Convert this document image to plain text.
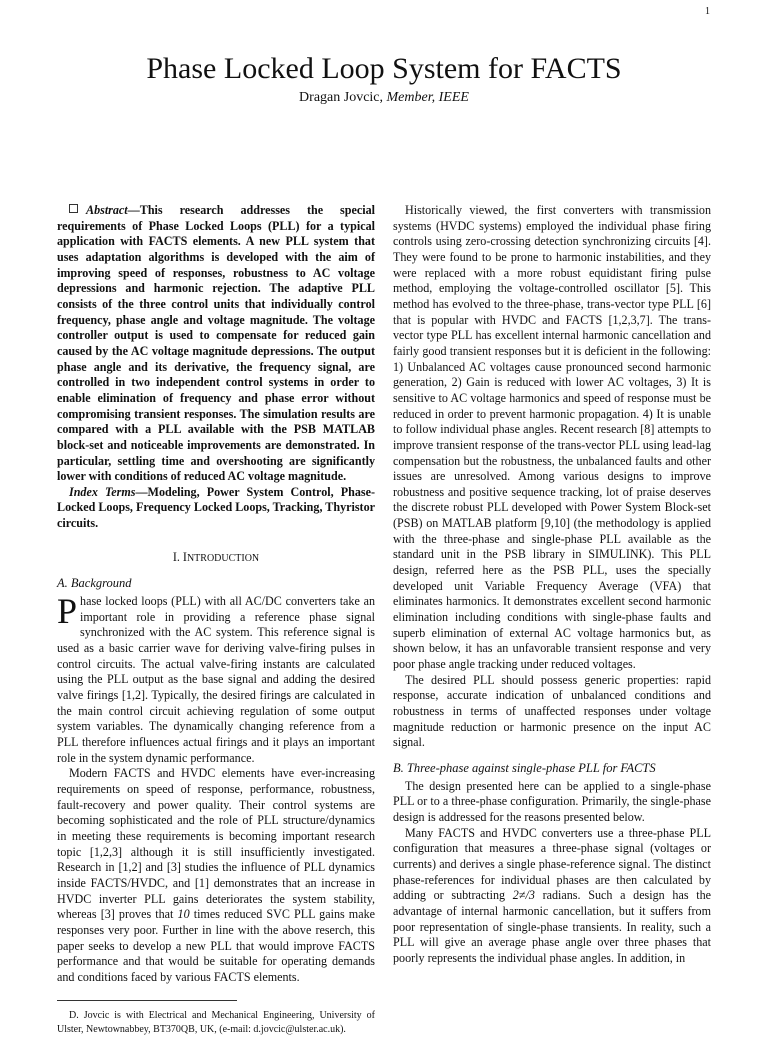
1
Phase Locked Loop System for FACTS
Dragan Jovcic, Member, IEEE

Abstract—This research addresses the special requirements of Phase Locked Loops (PLL) for a typical application with FACTS elements. A new PLL system that uses adaptation algorithms is developed with the aim of improving speed of responses, robustness to AC voltage depressions and harmonic rejection. The adaptive PLL consists of the three control units that individually control frequency, phase angle and voltage magnitude. The voltage controller output is used to compensate for reduced gain caused by the AC voltage magnitude depressions. The output phase angle and its derivative, the frequency signal, are controlled in two independent control systems in order to enable elimination of frequency and phase error without compromising transient responses. The simulation results are compared with a PLL available with the PSB MATLAB block-set and noticeable improvements are demonstrated. In particular, settling time and overshooting are significantly lower with conditions of reduced AC voltage magnitude.

Index Terms—Modeling, Power System Control, Phase-Locked Loops, Frequency Locked Loops, Tracking, Thyristor circuits.

I. INTRODUCTION

A. Background

Phase locked loops (PLL) with all AC/DC converters take an important role in providing a reference phase signal synchronized with the AC system. This reference signal is used as a basic carrier wave for deriving valve-firing pulses in control circuits. The actual valve-firing instants are calculated using the PLL output as the base signal and adding the desired valve firings [1,2]. Typically, the desired firings are calculated in the main control circuit achieving regulation of some output system variables. The dynamically changing reference from a PLL therefore influences actual firings and it plays an important role in the system dynamic performance.

Modern FACTS and HVDC elements have ever-increasing requirements on speed of response, performance, robustness, fault-recovery and power quality. Their control systems are becoming sophisticated and the role of PLL structure/dynamics in meeting these requirements is becoming important research topic [1,2,3] although it is still insufficiently investigated. Research in [1,2] and [3] studies the influence of PLL dynamics inside FACTS/HVDC, and [1] demonstrates that an increase in HVDC inverter PLL gains deteriorates the system stability, whereas [3] proves that 10 times reduced SVC PLL gains make responses very poor. Further in line with the above reserch, this paper seeks to develop a new PLL that would improve FACTS performance and that would be suitable for operating demands and conditions faced by various FACTS elements.

D. Jovcic is with Electrical and Mechanical Engineering, University of Ulster, Newtownabbey, BT370QB, UK, (e-mail: d.jovcic@ulster.ac.uk).

Historically viewed, the first converters with transmission systems (HVDC systems) employed the individual phase firing controls using zero-crossing detection synchronizing circuits [4]. They were found to be prone to harmonic instabilities, and they were replaced with a more robust equidistant firing pulse method, employing the voltage-controlled oscillator [5]. This method has evolved to the three-phase, trans-vector type PLL [6] that is popular with HVDC and FACTS [1,2,3,7]. The trans-vector type PLL has excellent internal harmonic cancellation and fairly good transient responses but it is deficient in the following: 1) Unbalanced AC voltages cause pronounced second harmonic generation, 2) Gain is reduced with lower AC voltages, 3) It is sensitive to AC voltage harmonics and speed of response must be reduced in order to prevent harmonic propagation. 4) It is unable to follow individual phase angles. Recent research [8] attempts to improve transient response of the trans-vector PLL using lead-lag compensation but the robustness, the unbalanced faults and other issues are unresolved. Among various designs to improve robustness and positive sequence tracking, lot of praise deserves the discrete robust PLL developed with Power System Block-set (PSB) on MATLAB platform [9,10] (the methodology is applied with the three-phase and single-phase PLL available as the standard unit in the PSB library in SIMULINK). This PLL design, referred here as the PSB PLL, uses the specially developed unit Variable Frequency Average (VFA) that eliminates harmonics. It demonstrates excellent second harmonic elimination including conditions with single-phase faults and superb elimination of external AC voltage harmonics but, as shown below, it has an unfavorable transient response and very poor phase angle tracking under reduced voltages.

The desired PLL should possess generic properties: rapid response, accurate indication of unbalanced conditions and robustness in terms of unaffected responses under voltage magnitude reduction or harmonic presence on the input AC signal.

B. Three-phase against single-phase PLL for FACTS

The design presented here can be applied to a single-phase PLL or to a three-phase configuration. Primarily, the single-phase design is addressed for the reasons presented below.

Many FACTS and HVDC converters use a three-phase PLL configuration that measures a three-phase signal (voltages or currents) and derives a single phase-reference signal. The distinct phase-references for individual phases are then calculated by adding or subtracting 2≠/3 radians. Such a design has the advantage of internal harmonic cancellation, but it suffers from poor representation of single-phase transients. In reality, such a PLL will give an average phase angle over three phases that poorly represents the individual phase angles. In addition, in
